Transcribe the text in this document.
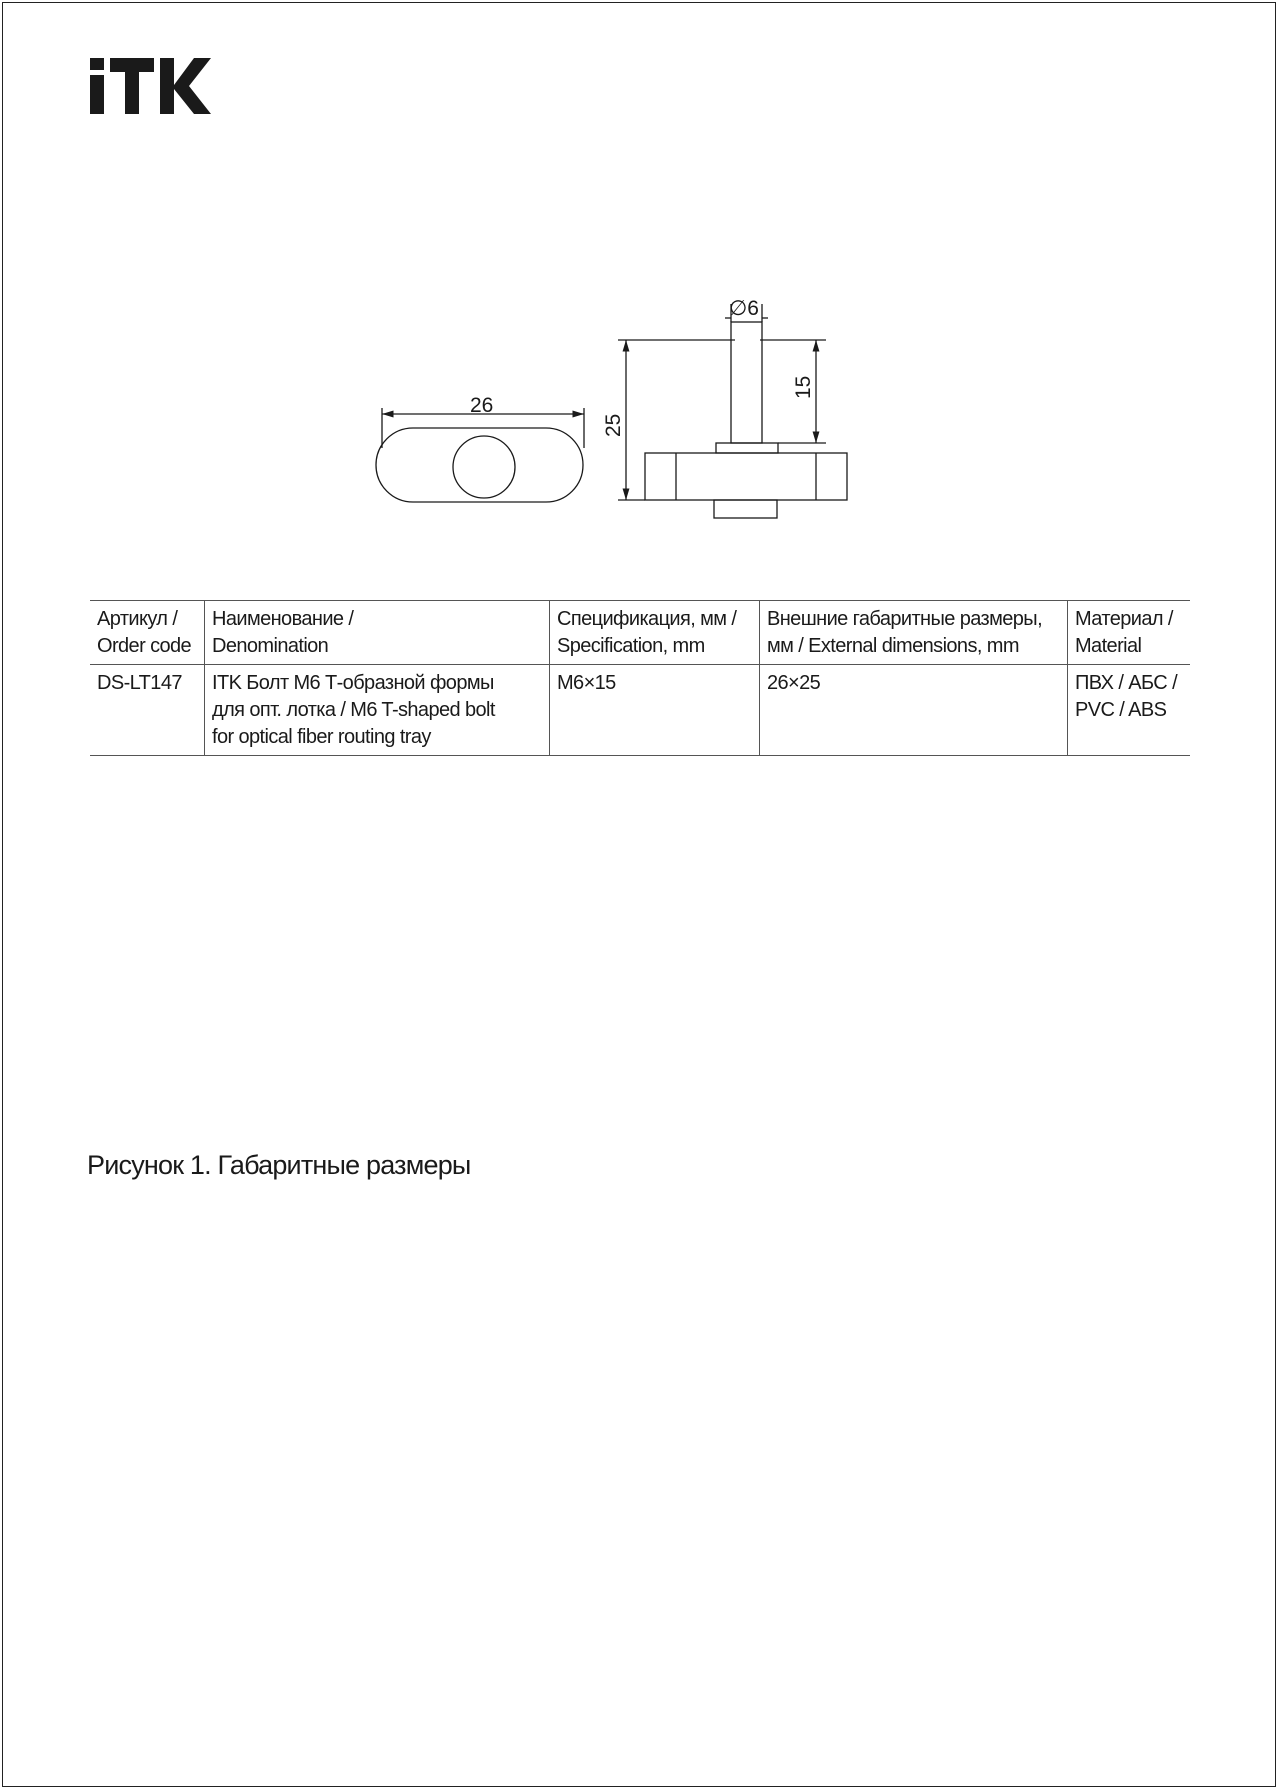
26
∅6
25
15
Артикул /
Order code	Наименование /
Denomination	Спецификация, мм /
Specification, mm	Внешние габаритные размеры,
мм / External dimensions, mm	Материал /
Material
DS-LT147	ITK Болт М6 Т-образной формы
для опт. лотка / M6 T-shaped bolt
for optical fiber routing tray	М6×15	26×25	ПВХ / АБС /
PVC / ABS
Рисунок 1. Габаритные размеры
